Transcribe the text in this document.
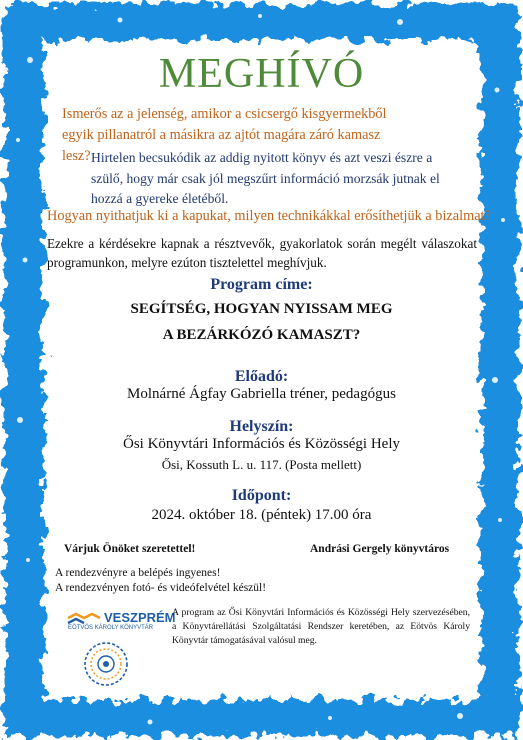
MEGHÍVÓ
Ismerős az a jelenség, amikor a csicsergő kisgyermekből egyik pillanatról a másikra az ajtót magára záró kamasz lesz? Hirtelen becsukódik az addig nyitott könyv és azt veszi észre a szülő, hogy már csak jól megszűrt információ morzsák jutnak el hozzá a gyereke életéből.
Hogyan nyithatjuk ki a kapukat, milyen technikákkal erősíthetjük a bizalmat?
Ezekre a kérdésekre kapnak a résztvevők, gyakorlatok során megélt válaszokat programunkon, melyre ezúton tisztelettel meghívjuk.
Program címe:
SEGÍTSÉG, HOGYAN NYISSAM MEG
A BEZÁRKÓZÓ KAMASZT?
Előadó:
Molnárné Ágfay Gabriella tréner, pedagógus
Helyszín:
Ősi Könyvtári Információs és Közösségi Hely
Ősi, Kossuth L. u. 117. (Posta mellett)
Időpont:
2024. október 18. (péntek) 17.00 óra
Várjuk Önöket szeretettel!	Andrási Gergely könyvtáros
A rendezvényre a belépés ingyenes!
A rendezvényen fotó- és videófelvétel készül!
VESZPRÉM
EÖTVÖS KÁROLY KÖNYVTÁR
A program az Ősi Könyvtári Információs és Közösségi Hely szervezésében, a Könyvtárellátási Szolgáltatási Rendszer keretében, az Eötvös Károly Könyvtár támogatásával valósul meg.
